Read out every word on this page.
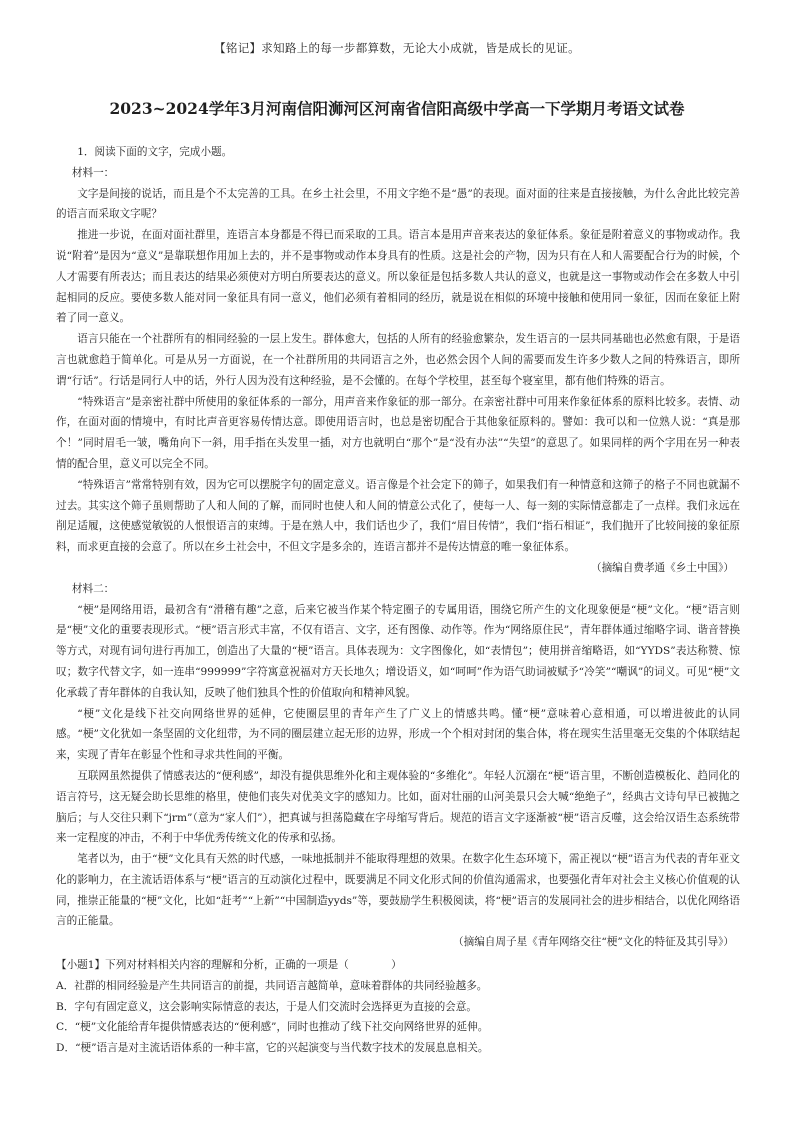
【铭记】求知路上的每一步都算数，无论大小成就，皆是成长的见证。
2023~2024学年3月河南信阳浉河区河南省信阳高级中学高一下学期月考语文试卷

1．阅读下面的文字，完成小题。

材料一：

文字是间接的说话，而且是个不太完善的工具。在乡土社会里，不用文字绝不是“愚”的表现。面对面的往来是直接接触，为什么舍此比较完善的语言而采取文字呢？

推进一步说，在面对面社群里，连语言本身都是不得已而采取的工具。语言本是用声音来表达的象征体系。象征是附着意义的事物或动作。我说“附着”是因为“意义”是靠联想作用加上去的，并不是事物或动作本身具有的性质。这是社会的产物，因为只有在人和人需要配合行为的时候，个人才需要有所表达；而且表达的结果必须使对方明白所要表达的意义。所以象征是包括多数人共认的意义，也就是这一事物或动作会在多数人中引起相同的反应。要使多数人能对同一象征具有同一意义，他们必须有着相同的经历，就是说在相似的环境中接触和使用同一象征，因而在象征上附着了同一意义。

语言只能在一个社群所有的相同经验的一层上发生。群体愈大，包括的人所有的经验愈繁杂，发生语言的一层共同基础也必然愈有限，于是语言也就愈趋于简单化。可是从另一方面说，在一个社群所用的共同语言之外，也必然会因个人间的需要而发生许多少数人之间的特殊语言，即所谓“行话”。行话是同行人中的话，外行人因为没有这种经验，是不会懂的。在每个学校里，甚至每个寝室里，都有他们特殊的语言。

“特殊语言”是亲密社群中所使用的象征体系的一部分，用声音来作象征的那一部分。在亲密社群中可用来作象征体系的原料比较多。表情、动作，在面对面的情境中，有时比声音更容易传情达意。即使用语言时，也总是密切配合于其他象征原料的。譬如：我可以和一位熟人说：“真是那个！”同时眉毛一皱，嘴角向下一斜，用手指在头发里一插，对方也就明白“那个”是“没有办法”“失望”的意思了。如果同样的两个字用在另一种表情的配合里，意义可以完全不同。

“特殊语言”常常特别有效，因为它可以摆脱字句的固定意义。语言像是个社会定下的筛子，如果我们有一种情意和这筛子的格子不同也就漏不过去。其实这个筛子虽则帮助了人和人间的了解，而同时也使人和人间的情意公式化了，使每一人、每一刻的实际情意都走了一点样。我们永远在削足适履，这使感觉敏锐的人恨恨语言的束缚。于是在熟人中，我们话也少了，我们“眉目传情”，我们“指石相证”，我们抛开了比较间接的象征原料，而求更直接的会意了。所以在乡土社会中，不但文字是多余的，连语言都并不是传达情意的唯一象征体系。

（摘编自费孝通《乡土中国》）

材料二：

“梗”是网络用语，最初含有“滑稽有趣”之意，后来它被当作某个特定圈子的专属用语，围绕它所产生的文化现象便是“梗”文化。“梗”语言则是“梗”文化的重要表现形式。“梗”语言形式丰富，不仅有语言、文字，还有图像、动作等。作为“网络原住民”，青年群体通过缩略字词、谐音替换等方式，对现有词句进行再加工，创造出了大量的“梗”语言。具体表现为：文字图像化，如“表情包”；使用拼音缩略语，如“YYDS”表达称赞、惊叹；数字代替文字，如一连串“999999”字符寓意祝福对方天长地久；增设语义，如“呵呵”作为语气助词被赋予“冷笑”“嘲讽”的词义。可见“梗”文化承载了青年群体的自我认知，反映了他们独具个性的价值取向和精神风貌。

“梗”文化是线下社交向网络世界的延伸，它使圈层里的青年产生了广义上的情感共鸣。懂“梗”意味着心意相通，可以增进彼此的认同感。“梗”文化犹如一条坚固的文化纽带，为不同的圈层建立起无形的边界，形成一个个相对封闭的集合体，将在现实生活里毫无交集的个体联结起来，实现了青年在彰显个性和寻求共性间的平衡。

互联网虽然提供了情感表达的“便利感”，却没有提供思维外化和主观体验的“多维化”。年轻人沉溺在“梗”语言里，不断创造模板化、趋同化的语言符号，这无疑会助长思维的格里，使他们丧失对优美文字的感知力。比如，面对壮丽的山河美景只会大喊“绝绝子”，经典古文诗句早已被抛之脑后；与人交往只剩下“jrm”（意为“家人们”），把真诚与担荡隐藏在字母缩写背后。规范的语言文字逐渐被“梗”语言反噬，这会给汉语生态系统带来一定程度的冲击，不利于中华优秀传统文化的传承和弘扬。

笔者以为，由于“梗”文化具有天然的时代感，一味地抵制并不能取得理想的效果。在数字化生态环境下，需正视以“梗”语言为代表的青年亚文化的影响力，在主流话语体系与“梗”语言的互动演化过程中，既要满足不同文化形式间的价值沟通需求，也要强化青年对社会主义核心价值观的认同，推崇正能量的“梗”文化，比如“赶考”“上新”“中国制造yyds”等，要鼓励学生积极阅读，将“梗”语言的发展同社会的进步相结合，以优化网络语言的正能量。

（摘编自周子星《青年网络交往“梗”文化的特征及其引导》）

【小题1】下列对材料相关内容的理解和分析，正确的一项是（　　　　）

A．社群的相同经验是产生共同语言的前提，共同语言越简单，意味着群体的共同经验越多。

B．字句有固定意义，这会影响实际情意的表达，于是人们交流时会选择更为直接的会意。

C．“梗”文化能给青年提供情感表达的“便利感”，同时也推动了线下社交向网络世界的延伸。

D．“梗”语言是对主流话语体系的一种丰富，它的兴起演变与当代数字技术的发展息息相关。
